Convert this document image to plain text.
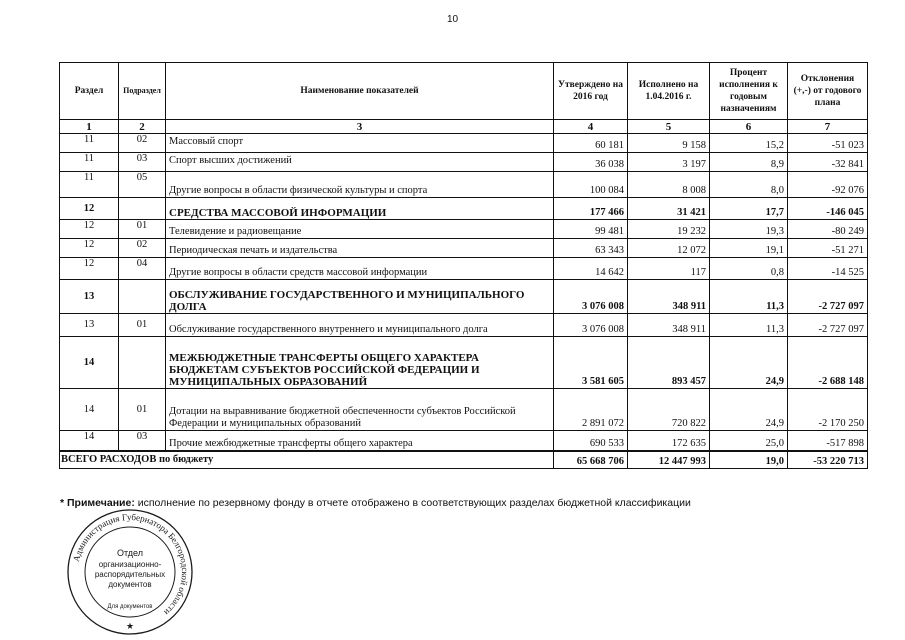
10
Раздел	Подраздел	Наименование показателей	Утверждено на 2016 год	Исполнено на 1.04.2016 г.	Процент исполнения к годовым назначениям	Отклонения (+,-) от годового плана
1	2	3	4	5	6	7
11	02	Массовый спорт	60 181	9 158	15,2	-51 023
11	03	Спорт высших достижений	36 038	3 197	8,9	-32 841
11	05	Другие вопросы в области физической культуры и спорта	100 084	8 008	8,0	-92 076
12		СРЕДСТВА МАССОВОЙ ИНФОРМАЦИИ	177 466	31 421	17,7	-146 045
12	01	Телевидение и радиовещание	99 481	19 232	19,3	-80 249
12	02	Периодическая печать и издательства	63 343	12 072	19,1	-51 271
12	04	Другие вопросы в области средств массовой информации	14 642	117	0,8	-14 525
13		ОБСЛУЖИВАНИЕ ГОСУДАРСТВЕННОГО И МУНИЦИПАЛЬНОГО ДОЛГА	3 076 008	348 911	11,3	-2 727 097
13	01	Обслуживание государственного внутреннего и муниципального долга	3 076 008	348 911	11,3	-2 727 097
14		МЕЖБЮДЖЕТНЫЕ ТРАНСФЕРТЫ ОБЩЕГО ХАРАКТЕРА БЮДЖЕТАМ СУБЪЕКТОВ РОССИЙСКОЙ ФЕДЕРАЦИИ И МУНИЦИПАЛЬНЫХ ОБРАЗОВАНИЙ	3 581 605	893 457	24,9	-2 688 148
14	01	Дотации на выравнивание бюджетной обеспеченности субъектов Российской Федерации и муниципальных образований	2 891 072	720 822	24,9	-2 170 250
14	03	Прочие межбюджетные трансферты общего характера	690 533	172 635	25,0	-517 898
ВСЕГО РАСХОДОВ по бюджету			65 668 706	12 447 993	19,0	-53 220 713
* Примечание: исполнение по резервному фонду в отчете отображено в соответствующих разделах бюджетной классификации
Администрация Губернатора Белгородской области
Отдел
организационно-
распорядительных
документов
Для документов
★
